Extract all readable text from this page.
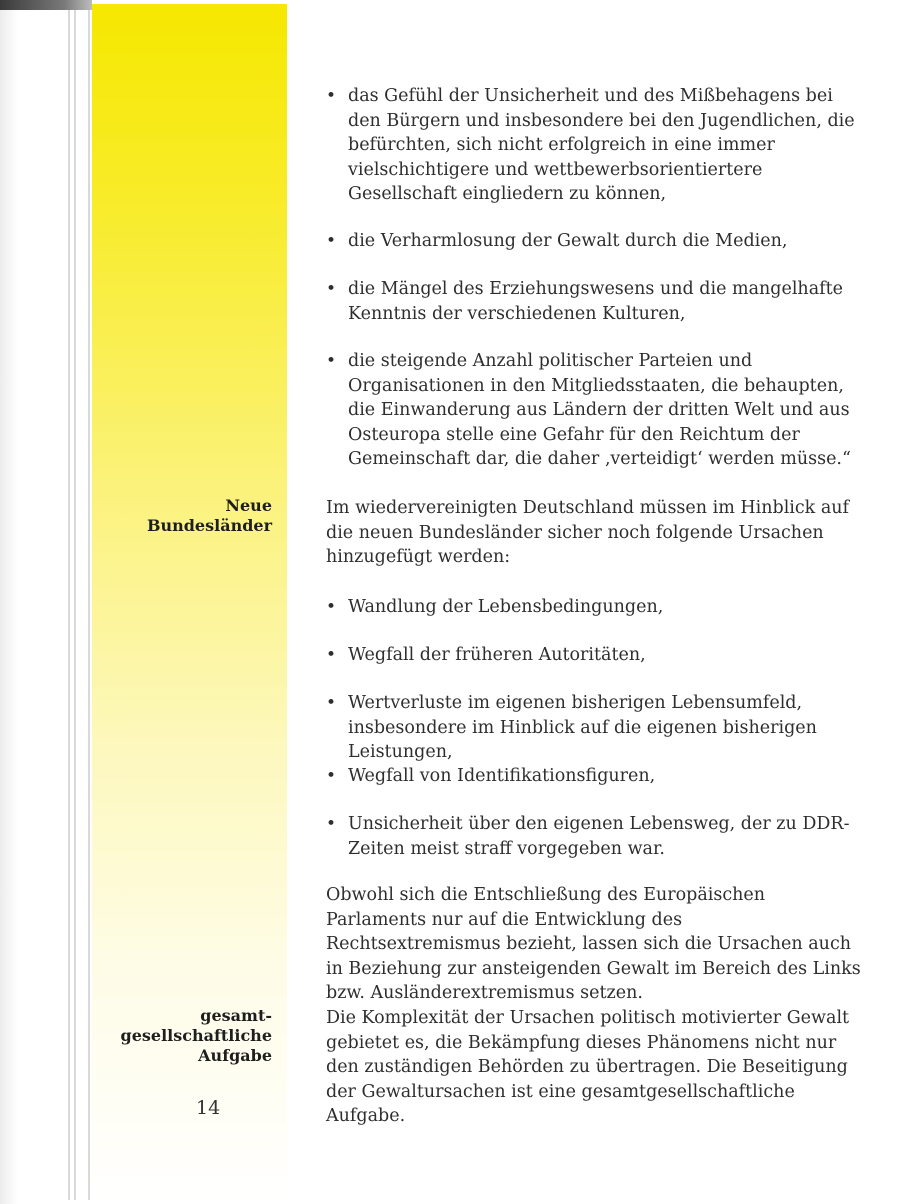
Neue
Bundesländer
gesamt-
gesellschaftliche
Aufgabe
14
• das Gefühl der Unsicherheit und des Mißbehagens bei den Bürgern und insbesondere bei den Jugendlichen, die befürchten, sich nicht erfolgreich in eine immer vielschichtigere und wettbewerbsorientiertere Gesellschaft eingliedern zu können,
• die Verharmlosung der Gewalt durch die Medien,
• die Mängel des Erziehungswesens und die mangelhafte Kenntnis der verschiedenen Kulturen,
• die steigende Anzahl politischer Parteien und Organisationen in den Mitgliedsstaaten, die behaupten, die Einwanderung aus Ländern der dritten Welt und aus Osteuropa stelle eine Gefahr für den Reichtum der Gemeinschaft dar, die daher ‚verteidigt‘ werden müsse.“

Im wiedervereinigten Deutschland müssen im Hinblick auf die neuen Bundesländer sicher noch folgende Ursachen hinzugefügt werden:

• Wandlung der Lebensbedingungen,
• Wegfall der früheren Autoritäten,
• Wertverluste im eigenen bisherigen Lebensumfeld, insbesondere im Hinblick auf die eigenen bisherigen Leistungen,
• Wegfall von Identifikationsfiguren,
• Unsicherheit über den eigenen Lebensweg, der zu DDR-Zeiten meist straff vorgegeben war.

Obwohl sich die Entschließung des Europäischen Parlaments nur auf die Entwicklung des Rechtsextremismus bezieht, lassen sich die Ursachen auch in Beziehung zur ansteigenden Gewalt im Bereich des Links bzw. Ausländerextremismus setzen.

Die Komplexität der Ursachen politisch motivierter Gewalt gebietet es, die Bekämpfung dieses Phänomens nicht nur den zuständigen Behörden zu übertragen. Die Beseitigung der Gewaltursachen ist eine gesamtgesellschaftliche Aufgabe.
